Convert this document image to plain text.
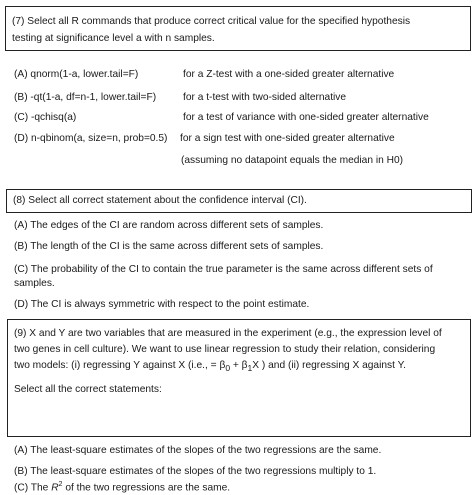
(7) Select all R commands that produce correct critical value for the specified hypothesis
testing at significance level a with n samples.
(A) qnorm(1-a, lower.tail=F)	for a Z-test with a one-sided greater alternative
(B) -qt(1-a, df=n-1, lower.tail=F)	for a t-test with two-sided alternative
(C) -qchisq(a)	for a test of variance with one-sided greater alternative
(D) n-qbinom(a, size=n, prob=0.5) for a sign test with one-sided greater alternative
(assuming no datapoint equals the median in H0)
(8) Select all correct statement about the confidence interval (CI).
(A) The edges of the CI are random across different sets of samples.
(B) The length of the CI is the same across different sets of samples.
(C) The probability of the CI to contain the true parameter is the same across different sets of
samples.
(D) The CI is always symmetric with respect to the point estimate.
(9) X and Y are two variables that are measured in the experiment (e.g., the expression level of
two genes in cell culture). We want to use linear regression to study their relation, considering
two models: (i) regressing Y against X (i.e., = $\beta_0 + \beta_1X$ ) and (ii) regressing X against Y.
Select all the correct statements:
(A) The least-square estimates of the slopes of the two regressions are the same.
(B) The least-square estimates of the slopes of the two regressions multiply to 1.
(C) The $R^2$ of the two regressions are the same.
